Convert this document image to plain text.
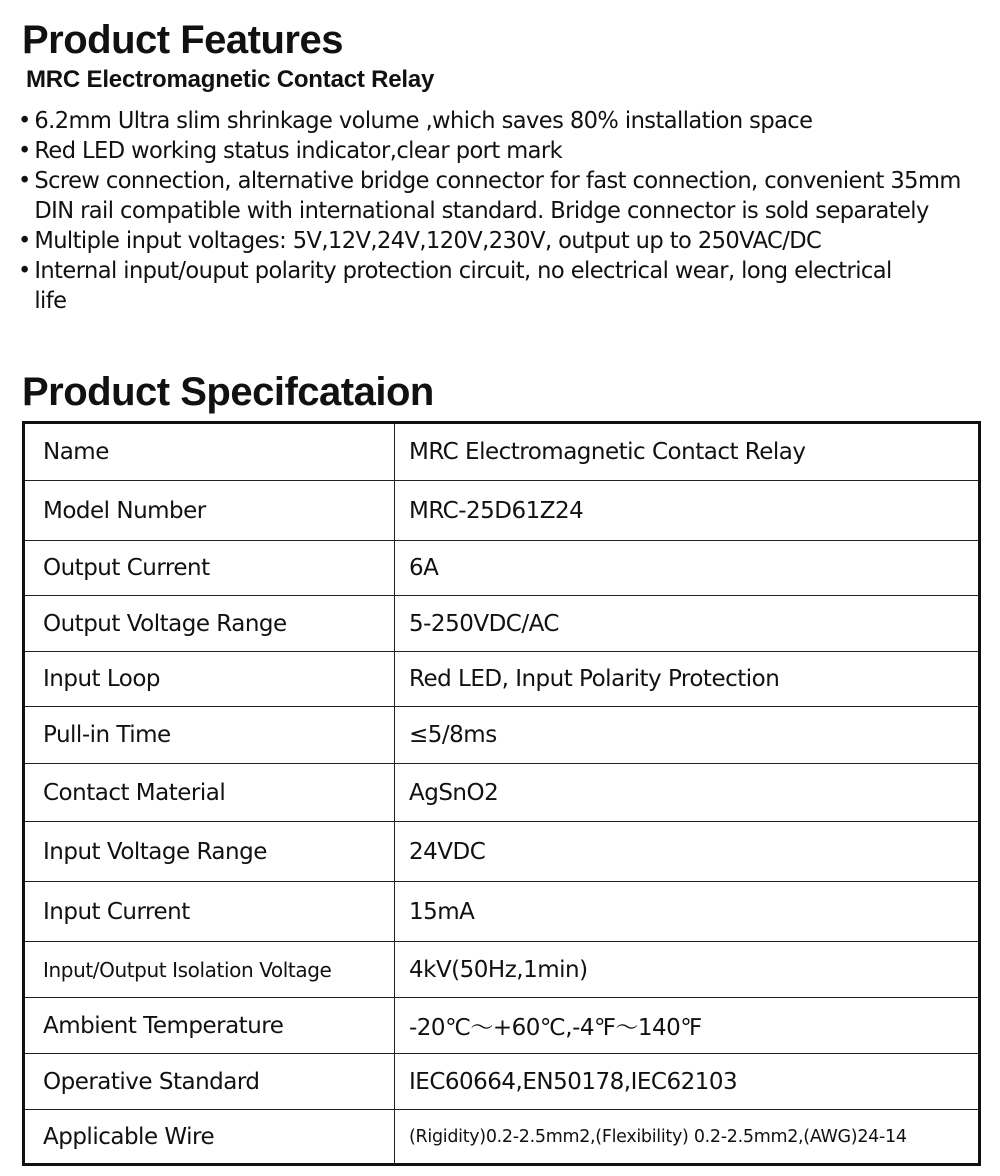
Product Features
MRC Electromagnetic Contact Relay
• 6.2mm Ultra slim shrinkage volume ,which saves 80% installation space
• Red LED working status indicator,clear port mark
• Screw connection, alternative bridge connector for fast connection, convenient 35mm DIN rail compatible with international standard. Bridge connector is sold separately
• Multiple input voltages: 5V,12V,24V,120V,230V, output up to 250VAC/DC
• Internal input/ouput polarity protection circuit, no electrical wear, long electrical life
Product Specifcataion
Name	MRC Electromagnetic Contact Relay
Model Number	MRC-25D61Z24
Output Current	6A
Output Voltage Range	5-250VDC/AC
Input Loop	Red LED, Input Polarity Protection
Pull-in Time	≤5/8ms
Contact Material	AgSnO2
Input Voltage Range	24VDC
Input Current	15mA
Input/Output Isolation Voltage	4kV(50Hz,1min)
Ambient Temperature	-20℃～+60℃,-4℉～140℉
Operative Standard	IEC60664,EN50178,IEC62103
Applicable Wire	(Rigidity)0.2-2.5mm2,(Flexibility) 0.2-2.5mm2,(AWG)24-14
